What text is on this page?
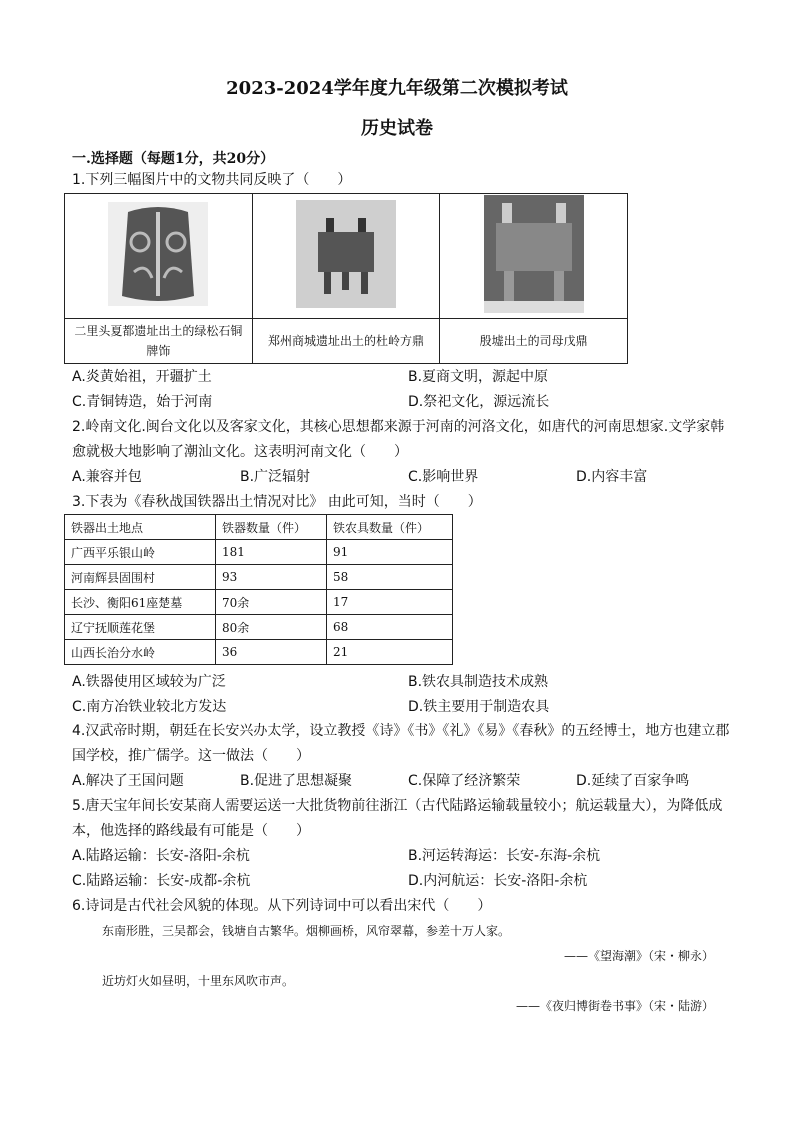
2023-2024学年度九年级第二次模拟考试
历史试卷
一.选择题（每题1分，共20分）
1.下列三幅图片中的文物共同反映了（　　）

二里头夏都遗址出土的绿松石铜牌饰	郑州商城遗址出土的杜岭方鼎	殷墟出土的司母戊鼎
A.炎黄始祖，开疆扩土	B.夏商文明，源起中原
C.青铜铸造，始于河南	D.祭祀文化，源远流长
2.岭南文化.闽台文化以及客家文化，其核心思想都来源于河南的河洛文化，如唐代的河南思想家.文学家韩
愈就极大地影响了潮汕文化。这表明河南文化（　　）
A.兼容并包	B.广泛辐射	C.影响世界	D.内容丰富
3.下表为《春秋战国铁器出土情况对比》 由此可知，当时（　　）
铁器出土地点	铁器数量（件）	铁农具数量（件）
广西平乐银山岭	181	91
河南辉县固围村	93	58
长沙、衡阳61座楚墓	70余	17
辽宁抚顺莲花堡	80余	68
山西长治分水岭	36	21
A.铁器使用区域较为广泛	B.铁农具制造技术成熟
C.南方冶铁业较北方发达	D.铁主要用于制造农具
4.汉武帝时期，朝廷在长安兴办太学，设立教授《诗》《书》《礼》《易》《春秋》的五经博士，地方也建立郡
国学校，推广儒学。这一做法（　　）
A.解决了王国问题	B.促进了思想凝聚	C.保障了经济繁荣	D.延续了百家争鸣
5.唐天宝年间长安某商人需要运送一大批货物前往浙江（古代陆路运输载量较小；航运载量大），为降低成
本，他选择的路线最有可能是（　　）
A.陆路运输：长安-洛阳-余杭	B.河运转海运：长安-东海-余杭
C.陆路运输：长安-成都-余杭	D.内河航运：长安-洛阳-余杭
6.诗词是古代社会风貌的体现。从下列诗词中可以看出宋代（　　）
东南形胜，三吴都会，钱塘自古繁华。烟柳画桥，风帘翠幕，参差十万人家。
——《望海潮》（宋・柳永）
近坊灯火如昼明，十里东风吹市声。
——《夜归博街卷书事》（宋・陆游）
